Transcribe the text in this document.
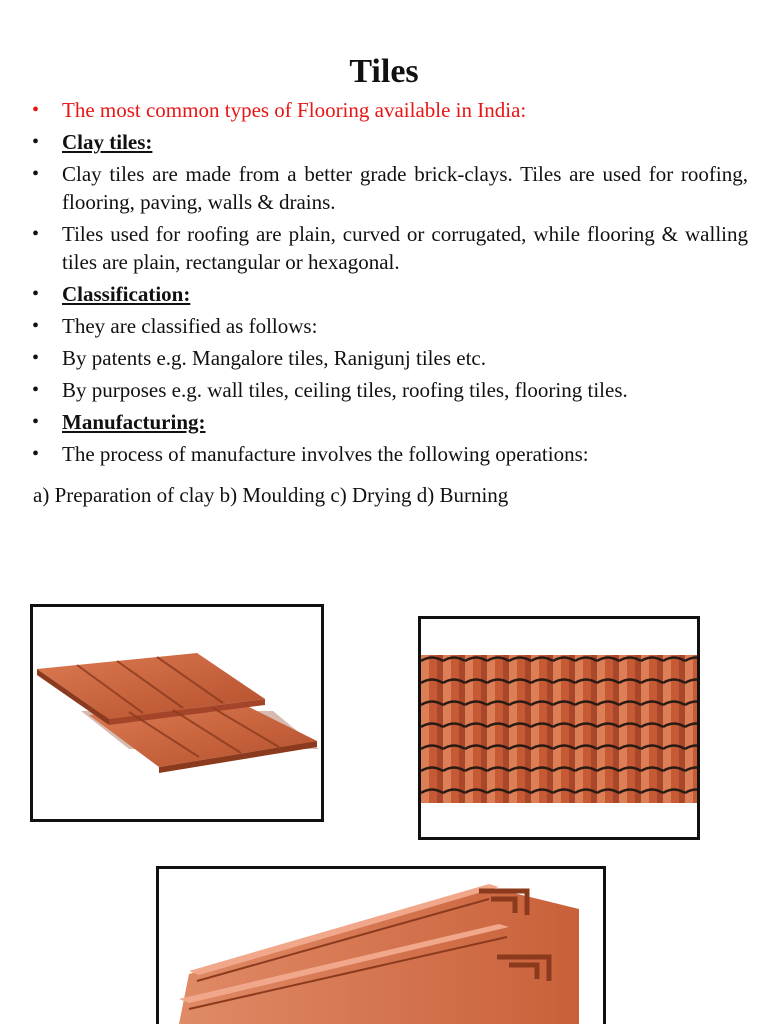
Tiles
•	The most common types of Flooring available in India:
•	Clay tiles:
•	Clay tiles are made from a better grade brick-clays. Tiles are used for roofing, flooring, paving, walls & drains.
•	Tiles used for roofing are plain, curved or corrugated, while flooring & walling tiles are plain, rectangular or hexagonal.
•	Classification:
•	They are classified as follows:
•	By patents e.g. Mangalore tiles, Ranigunj tiles etc.
•	By purposes e.g. wall tiles, ceiling tiles, roofing tiles, flooring tiles.
•	Manufacturing:
•	The process of manufacture involves the following operations:
a) Preparation of clay b) Moulding c) Drying d) Burning
